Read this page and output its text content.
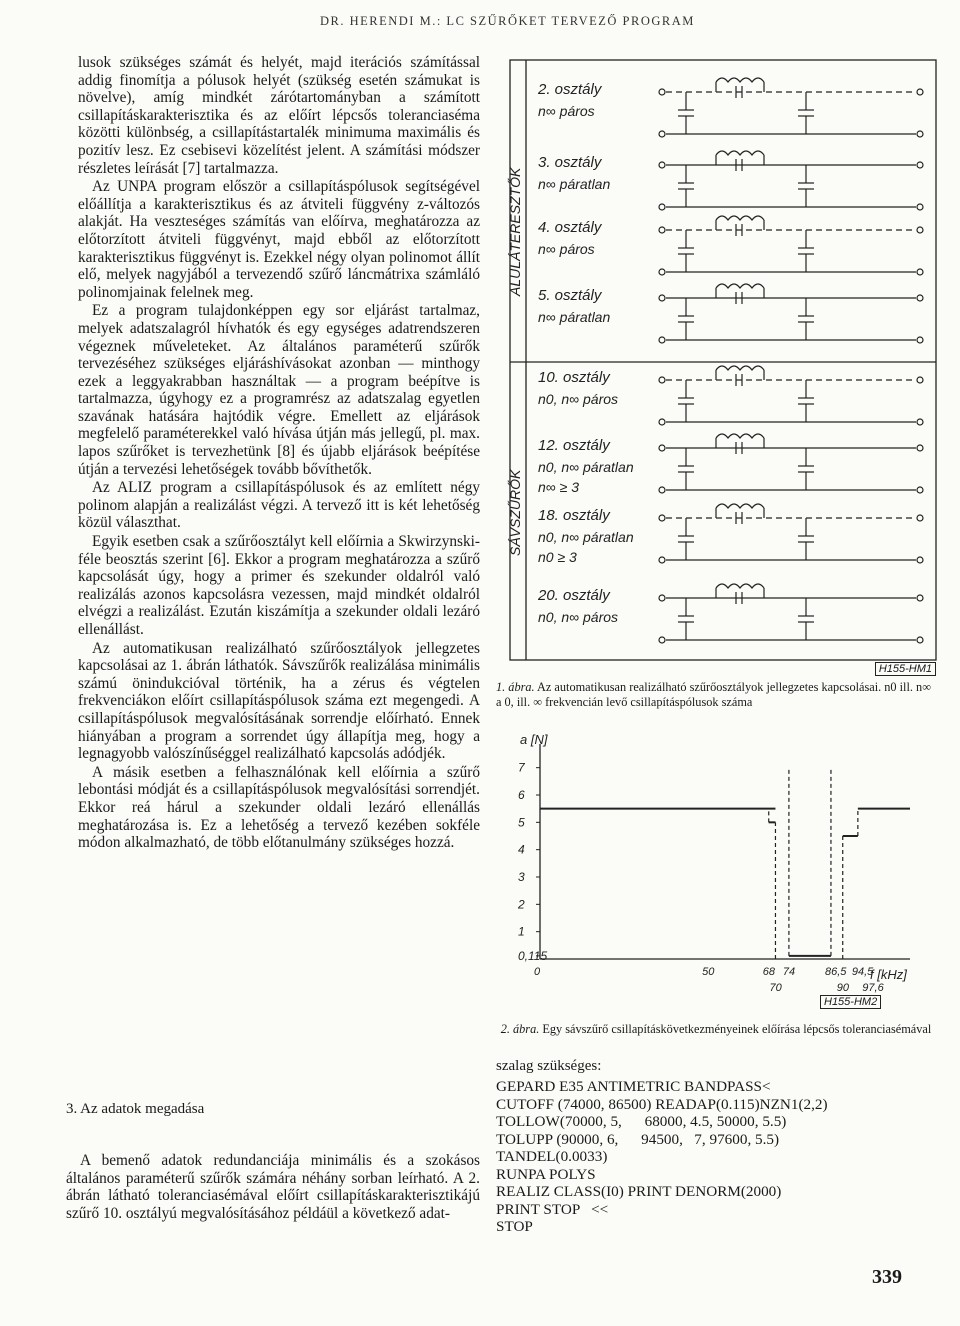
DR. HERENDI M.: LC SZŰRŐKET TERVEZŐ PROGRAM

lusok szükséges számát és helyét, majd iterációs számítással addig finomítja a pólusok helyét (szükség esetén számukat is növelve), amíg mindkét zárótartományban a számított csillapításkarakterisztika és az előírt lépcsős toleranciaséma közötti különbség, a csillapítástartalék minimuma maximális és pozitív lesz. Ez csebisevi közelítést jelent. A számítási módszer részletes leírását [7] tartalmazza.

Az UNPA program először a csillapításpólusok segítségével előállítja a karakterisztikus és az átviteli függvény z-változós alakját. Ha veszteséges számítás van előírva, meghatározza az előtorzított átviteli függvényt, majd ebből az előtorzított karakterisztikus függvényt is. Ezekkel négy olyan polinomot állít elő, melyek nagyjából a tervezendő szűrő láncmátrixa számláló polinomjainak felelnek meg.

Ez a program tulajdonképpen egy sor eljárást tartalmaz, melyek adatszalagról hívhatók és egy egységes adatrendszeren végeznek műveleteket. Az általános paraméterű szűrők tervezéséhez szükséges eljáráshívásokat azonban — minthogy ezek a leggyakrabban használtak — a program beépítve is tartalmazza, úgyhogy ez a programrész az adatszalag egyetlen szavának hatására hajtódik végre. Emellett az eljárások megfelelő paraméterekkel való hívása útján más jellegű, pl. max. lapos szűrőket is tervezhetünk [8] és újabb eljárások beépítése útján a tervezési lehetőségek tovább bővíthetők.

Az ALIZ program a csillapításpólusok és az említett négy polinom alapján a realizálást végzi. A tervező itt is két lehetőség közül választhat.

Egyik esetben csak a szűrőosztályt kell előírnia a Skwirzynski-féle beosztás szerint [6]. Ekkor a program meghatározza a szűrő kapcsolását úgy, hogy a primer és szekunder oldalról való realizálás azonos kapcsolásra vezessen, majd mindkét oldalról elvégzi a realizálást. Ezután kiszámítja a szekunder oldali lezáró ellenállást.

Az automatikusan realizálható szűrőosztályok jellegzetes kapcsolásai az 1. ábrán láthatók. Sávszűrők realizálása minimális számú önindukcióval történik, ha a zérus és végtelen frekvenciákon előírt csillapításpólusok száma ezt megengedi. A csillapításpólusok megvalósításának sorrendje előírható. Ennek hiányában a program a sorrendet úgy állapítja meg, hogy a legnagyobb valószínűséggel realizálható kapcsolás adódjék.

A másik esetben a felhasználónak kell előírnia a szűrő lebontási módját és a csillapításpólusok megvalósítási sorrendjét. Ekkor reá hárul a szekunder oldali lezáró ellenállás meghatározása is. Ez a lehetőség a tervező kezében sokféle módon alkalmazható, de több előtanulmány szükséges hozzá.

3. Az adatok megadása

A bemenő adatok redundanciája minimális és a szokásos általános paraméterű szűrők számára néhány sorban leírható. A 2. ábrán látható toleranciasémával előírt csillapításkarakterisztikájú szűrő 10. osztályú megvalósításához példáül a következő adat-

ALULÁTERESZTŐK
SÁVSZŰRŐK
2. osztály
n∞ páros
3. osztály
n∞ páratlan
4. osztály
n∞ páros
5. osztály
n∞ páratlan
10. osztály
n0, n∞ páros
12. osztály
n0, n∞ páratlan
n∞ ≥ 3
18. osztály
n0, n∞ páratlan
n0 ≥ 3
20. osztály
n0, n∞ páros
H155-HM1
1. ábra. Az automatikusan realizálható szűrőosztályok jellegzetes kapcsolásai. n0 ill. n∞ a 0, ill. ∞ frekvencián levő csillapításpólusok száma
a [N]
f [kHz]
0,115
1
2
3
4
5
6
7
0	50	68 74	86,5 94,5
70	90 97,6
H155-HM2
2. ábra. Egy sávszűrő csillapításkövetkezményeinek előírása lépcsős toleranciasémával
szalag szükséges:
GEPARD E35 ANTIMETRIC BANDPASS<
CUTOFF (74000, 86500) READAP(0.115)NZN1(2,2)
TOLLOW(70000, 5,      68000, 4.5, 50000, 5.5)
TOLUPP (90000, 6,      94500,   7, 97600, 5.5)
TANDEL(0.0033)
RUNPA POLYS
REALIZ CLASS(I0) PRINT DENORM(2000)
PRINT STOP   <<
STOP
339
